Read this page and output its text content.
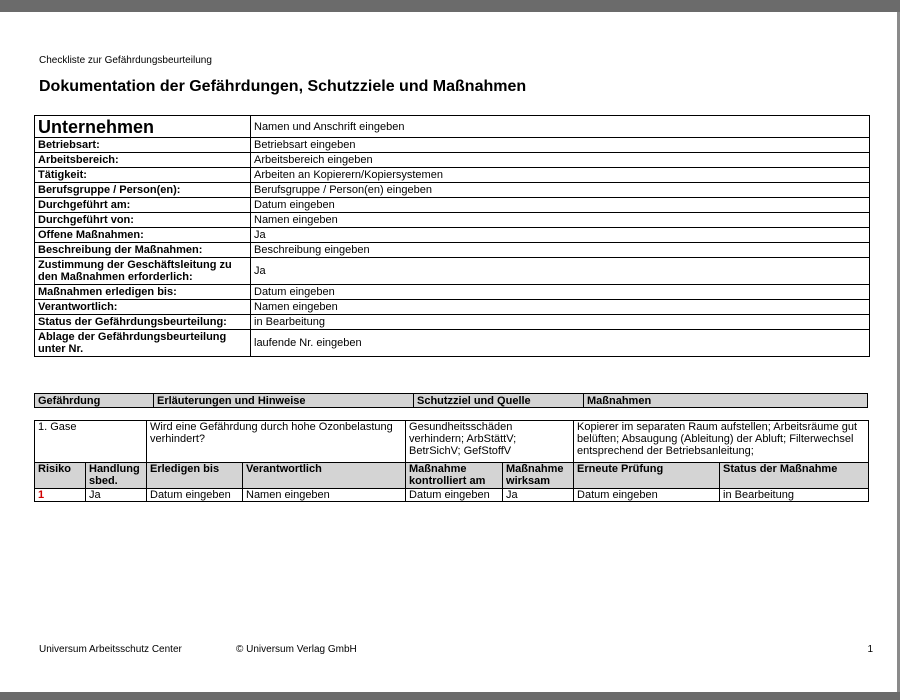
Checkliste zur Gefährdungsbeurteilung
Dokumentation der Gefährdungen, Schutzziele und Maßnahmen
Unternehmen	Namen und Anschrift eingeben
Betriebsart:	Betriebsart eingeben
Arbeitsbereich:	Arbeitsbereich eingeben
Tätigkeit:	Arbeiten an Kopierern/Kopiersystemen
Berufsgruppe / Person(en):	Berufsgruppe / Person(en) eingeben
Durchgeführt am:	Datum eingeben
Durchgeführt von:	Namen eingeben
Offene Maßnahmen:	Ja
Beschreibung der Maßnahmen:	Beschreibung eingeben
Zustimmung der Geschäftsleitung zu den Maßnahmen erforderlich:	Ja
Maßnahmen erledigen bis:	Datum eingeben
Verantwortlich:	Namen eingeben
Status der Gefährdungsbeurteilung:	in Bearbeitung
Ablage der Gefährdungsbeurteilung unter Nr.	laufende Nr. eingeben
Gefährdung	Erläuterungen und Hinweise	Schutzziel und Quelle	Maßnahmen
1. Gase		Wird eine Gefährdung durch hohe Ozonbelastung verhindert?		Gesundheitsschäden verhindern; ArbStättV; BetrSichV; GefStoffV		Kopierer im separaten Raum aufstellen; Arbeitsräume gut belüften; Absaugung (Ableitung) der Abluft; Filterwechsel entsprechend der Betriebsanleitung;	
Risiko	Handlung sbed.	Erledigen bis	Verantwortlich	Maßnahme kontrolliert am	Maßnahme wirksam	Erneute Prüfung	Status der Maßnahme
1	Ja	Datum eingeben	Namen eingeben	Datum eingeben	Ja	Datum eingeben	in Bearbeitung
Universum Arbeitsschutz Center	© Universum Verlag GmbH	1
